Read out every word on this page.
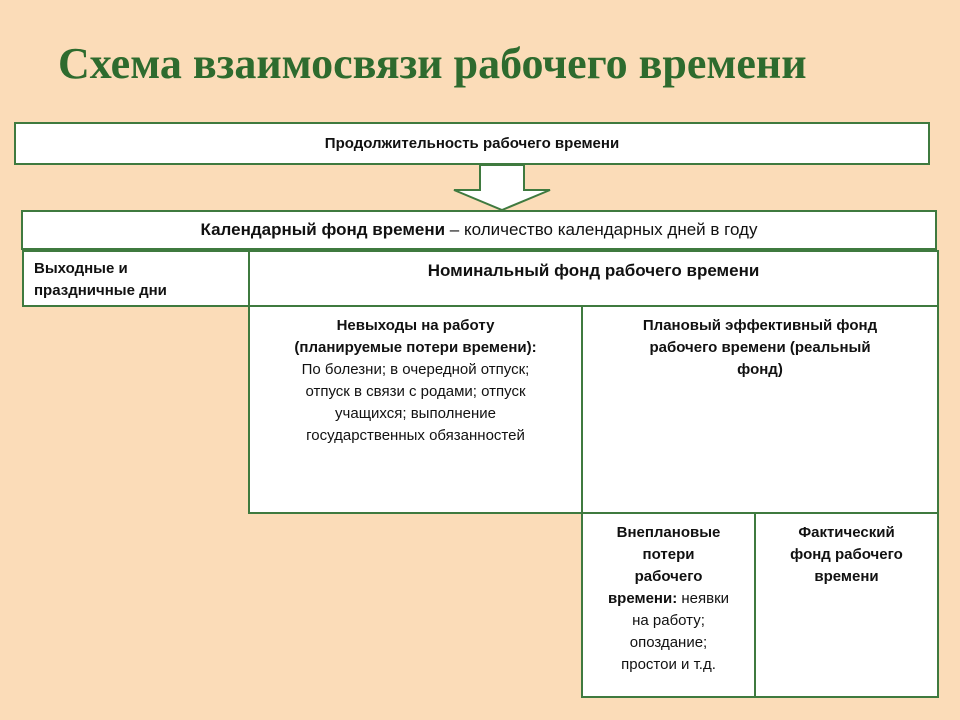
Схема взаимосвязи рабочего времени
Продолжительность рабочего времени
Календарный фонд времени – количество календарных дней в году
Выходные и
праздничные дни
Номинальный фонд рабочего времени
Невыходы на работу
(планируемые потери времени):
По болезни; в очередной отпуск;
отпуск в связи с родами; отпуск
учащихся; выполнение
государственных обязанностей
Плановый эффективный фонд
рабочего времени (реальный
фонд)
Внеплановые
потери
рабочего
времени: неявки
на работу;
опоздание;
простои и т.д.
Фактический
фонд рабочего
времени
